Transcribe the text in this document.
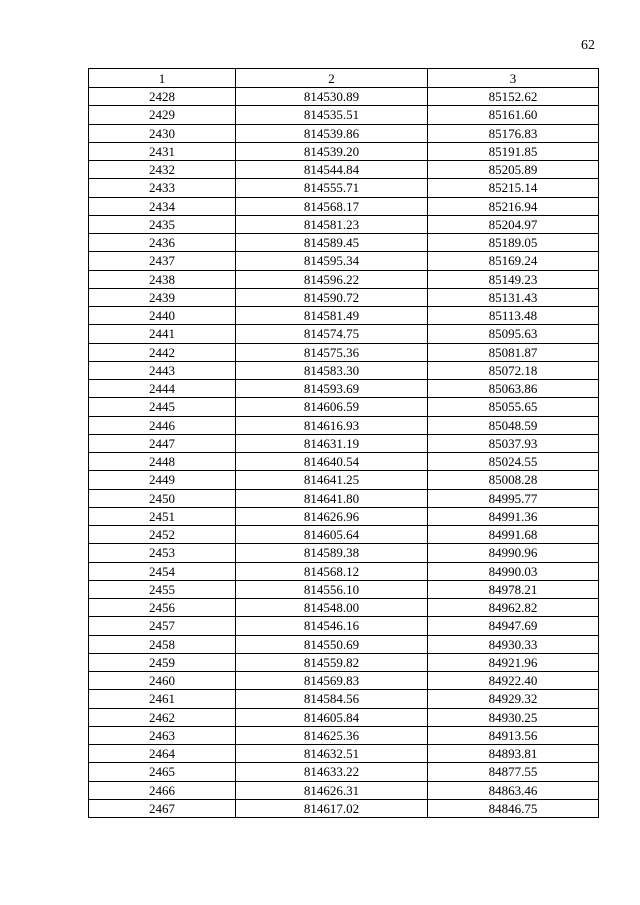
62
1	2	3
2428	814530.89	85152.62
2429	814535.51	85161.60
2430	814539.86	85176.83
2431	814539.20	85191.85
2432	814544.84	85205.89
2433	814555.71	85215.14
2434	814568.17	85216.94
2435	814581.23	85204.97
2436	814589.45	85189.05
2437	814595.34	85169.24
2438	814596.22	85149.23
2439	814590.72	85131.43
2440	814581.49	85113.48
2441	814574.75	85095.63
2442	814575.36	85081.87
2443	814583.30	85072.18
2444	814593.69	85063.86
2445	814606.59	85055.65
2446	814616.93	85048.59
2447	814631.19	85037.93
2448	814640.54	85024.55
2449	814641.25	85008.28
2450	814641.80	84995.77
2451	814626.96	84991.36
2452	814605.64	84991.68
2453	814589.38	84990.96
2454	814568.12	84990.03
2455	814556.10	84978.21
2456	814548.00	84962.82
2457	814546.16	84947.69
2458	814550.69	84930.33
2459	814559.82	84921.96
2460	814569.83	84922.40
2461	814584.56	84929.32
2462	814605.84	84930.25
2463	814625.36	84913.56
2464	814632.51	84893.81
2465	814633.22	84877.55
2466	814626.31	84863.46
2467	814617.02	84846.75
